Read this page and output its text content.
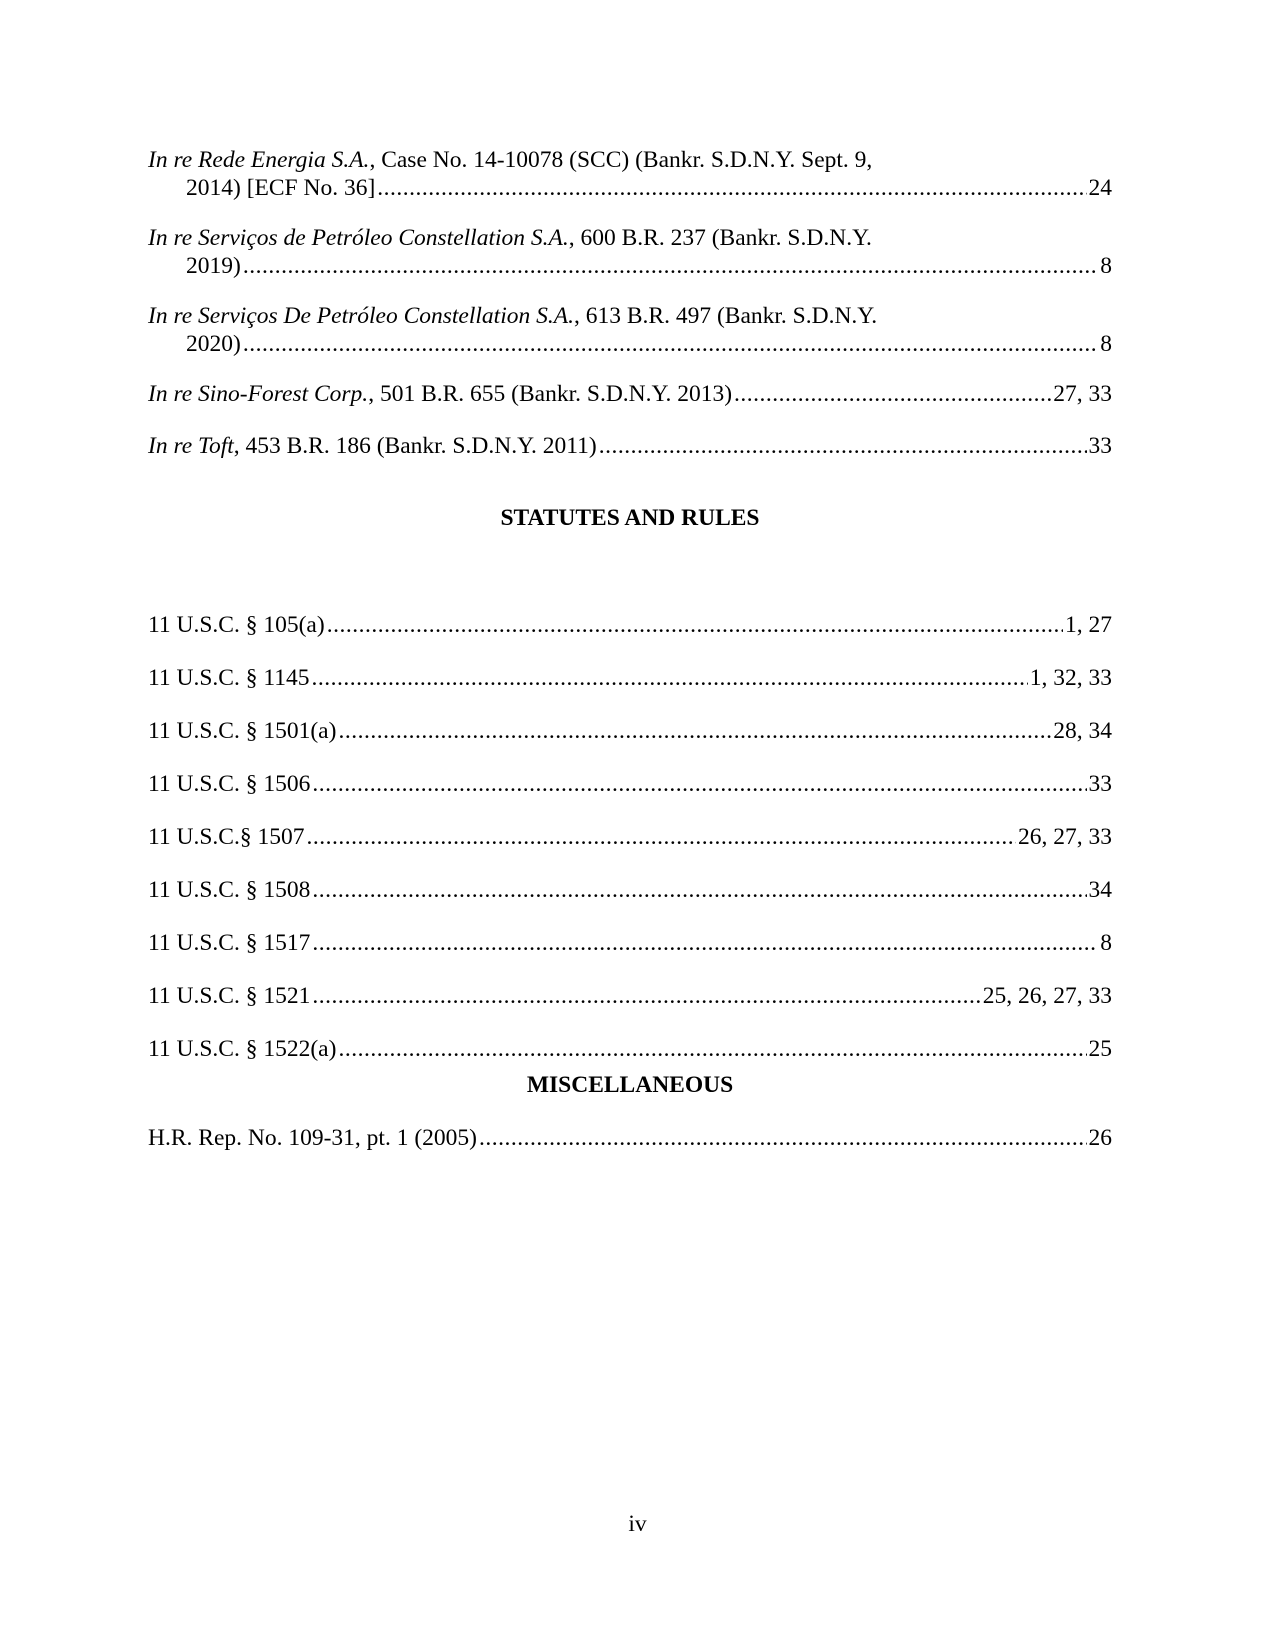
In re Rede Energia S.A., Case No. 14-10078 (SCC) (Bankr. S.D.N.Y. Sept. 9,
2014) [ECF No. 36] .....	24
In re Serviços de Petróleo Constellation S.A., 600 B.R. 237 (Bankr. S.D.N.Y.
2019) .....	8
In re Serviços De Petróleo Constellation S.A., 613 B.R. 497 (Bankr. S.D.N.Y.
2020) .....	8
In re Sino-Forest Corp., 501 B.R. 655 (Bankr. S.D.N.Y. 2013) .....	27, 33
In re Toft, 453 B.R. 186 (Bankr. S.D.N.Y. 2011) .....	33
STATUTES AND RULES
11 U.S.C. § 105(a) .....	1, 27
11 U.S.C. § 1145 .....	1, 32, 33
11 U.S.C. § 1501(a) .....	28, 34
11 U.S.C. § 1506 .....	33
11 U.S.C.§ 1507 .....	26, 27, 33
11 U.S.C. § 1508 .....	34
11 U.S.C. § 1517 .....	8
11 U.S.C. § 1521 .....	25, 26, 27, 33
11 U.S.C. § 1522(a) .....	25
MISCELLANEOUS
H.R. Rep. No. 109-31, pt. 1 (2005) .....	26
iv
